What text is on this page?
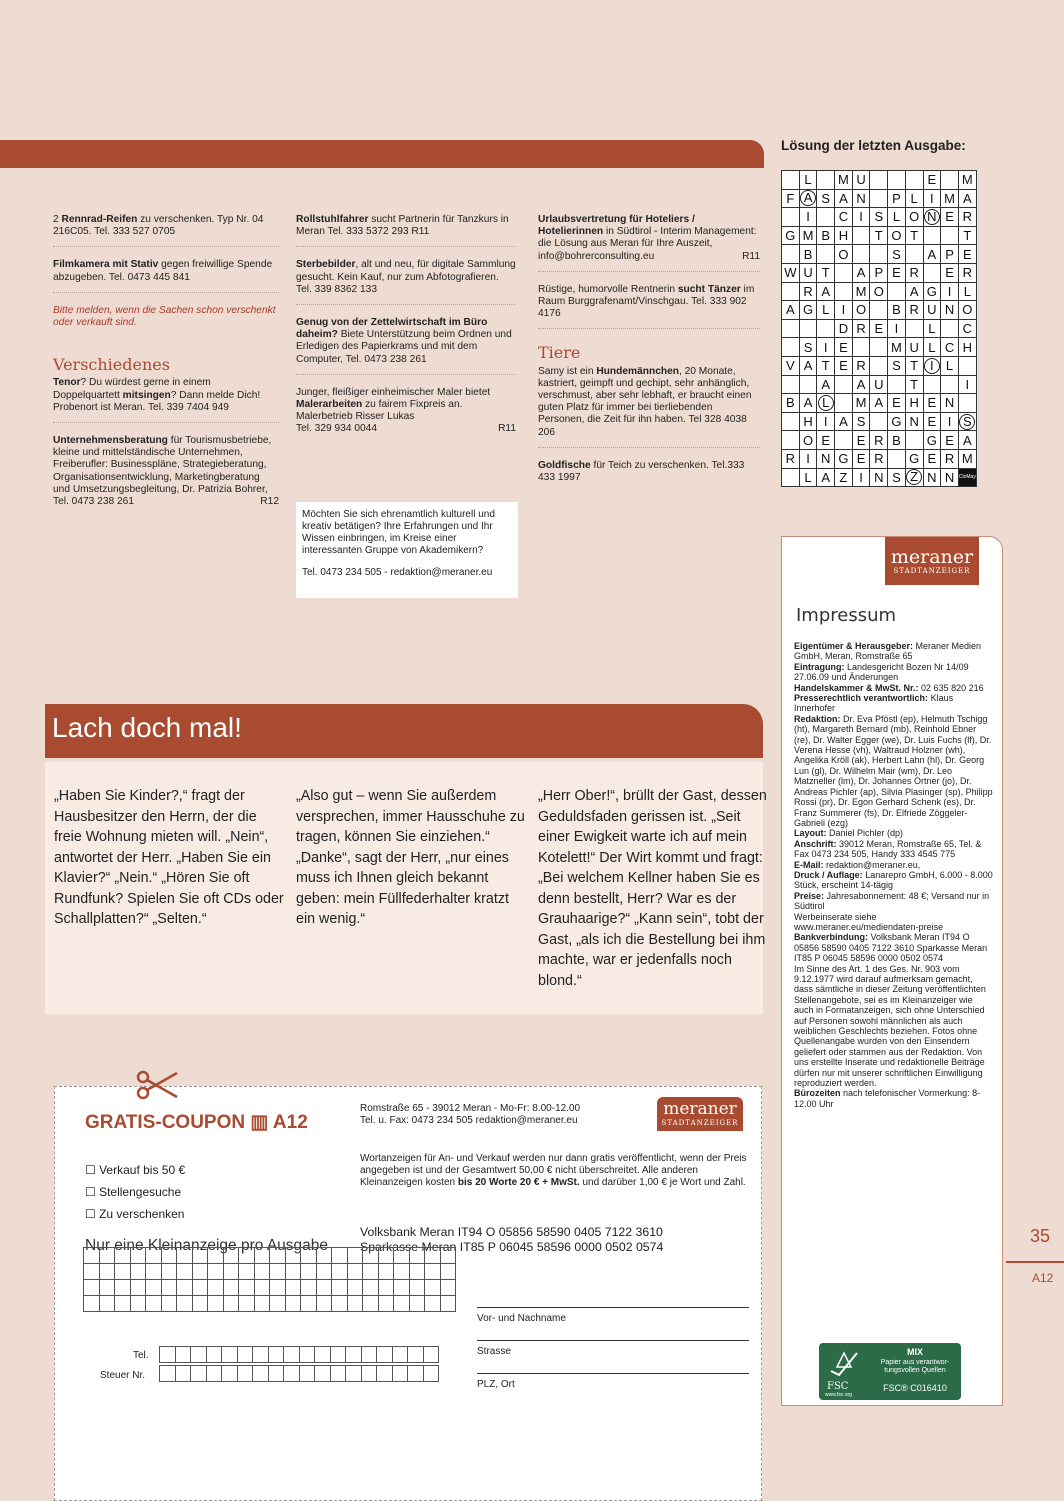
2 Rennrad-Reifen zu verschenken. Typ Nr. 04 216C05. Tel. 333 527 0705
Filmkamera mit Stativ gegen freiwillige Spende abzugeben. Tel. 0473 445 841
Bitte melden, wenn die Sachen schon verschenkt oder verkauft sind.
Verschiedenes
Tenor? Du würdest gerne in einem Doppelquartett mitsingen? Dann melde Dich! Probenort ist Meran. Tel. 339 7404 949
Unternehmensberatung für Tourismusbetriebe, kleine und mittelständische Unternehmen, Freiberufler: Businesspläne, Strategieberatung, Organisationsentwicklung, Marketingberatung und Umsetzungsbegleitung, Dr. Patrizia Bohrer, Tel. 0473 238 261	R12
Rollstuhlfahrer sucht Partnerin für Tanzkurs in Meran Tel. 333 5372 293 R11
Sterbebilder, alt und neu, für digitale Sammlung gesucht. Kein Kauf, nur zum Abfotografieren. Tel. 339 8362 133
Genug von der Zettelwirtschaft im Büro daheim? Biete Unterstützung beim Ordnen und Erledigen des Papierkrams und mit dem Computer, Tel. 0473 238 261
Junger, fleißiger einheimischer Maler bietet Malerarbeiten zu fairem Fixpreis an. Malerbetrieb Risser Lukas
Tel. 329 934 0044	R11
Möchten Sie sich ehrenamtlich kulturell und kreativ betätigen? Ihre Erfahrungen und Ihr Wissen einbringen, im Kreise einer interessanten Gruppe von Akademikern?
Tel. 0473 234 505 - redaktion@meraner.eu
Urlaubsvertretung für Hoteliers / Hotelierinnen in Südtirol - Interim Management: die Lösung aus Meran für Ihre Auszeit, info@bohrerconsulting.eu	R11
Rüstige, humorvolle Rentnerin sucht Tänzer im Raum Burggrafenamt/Vinschgau. Tel. 333 902 4176
Tiere
Samy ist ein Hundemännchen, 20 Monate, kastriert, geimpft und gechipt, sehr anhänglich, verschmust, aber sehr lebhaft, er braucht einen guten Platz für immer bei tierliebenden Personen, die Zeit für ihn haben. Tel 328 4038 206
Goldfische für Teich zu verschenken. Tel.333 433 1997
Lach doch mal!
„Haben Sie Kinder?,“ fragt der Hausbesitzer den Herrn, der die freie Wohnung mieten will. „Nein“, antwortet der Herr. „Haben Sie ein Klavier?“ „Nein.“ „Hören Sie oft Rundfunk? Spielen Sie oft CDs oder Schallplatten?“ „Selten.“
„Also gut – wenn Sie außerdem versprechen, immer Hausschuhe zu tragen, können Sie einziehen.“ „Danke“, sagt der Herr, „nur eines muss ich Ihnen gleich bekannt geben: mein Füllfederhalter kratzt ein wenig.“
„Herr Ober!“, brüllt der Gast, dessen Geduldsfaden gerissen ist. „Seit einer Ewigkeit warte ich auf mein Kotelett!“ Der Wirt kommt und fragt: „Bei welchem Kellner haben Sie es denn bestellt, Herr? War es der Grauhaarige?“ „Kann sein“, tobt der Gast, „als ich die Bestellung bei ihm machte, war er jedenfalls noch blond.“
GRATIS-COUPON ▥ A12
Romstraße 65 - 39012 Meran - Mo-Fr: 8.00-12.00
Tel. u. Fax: 0473 234 505 redaktion@meraner.eu
meraner
STADTANZEIGER
☐ Verkauf bis 50 €
☐ Stellengesuche
☐ Zu verschenken
Wortanzeigen für An- und Verkauf werden nur dann gratis veröffentlicht, wenn der Preis angegeben ist und der Gesamtwert 50,00 € nicht überschreitet. Alle anderen Kleinanzeigen kosten bis 20 Worte 20 € + MwSt. und darüber 1,00 € je Wort und Zahl.
Volksbank Meran IT94 O 05856 58590 0405 7122 3610
Sparkasse Meran IT85 P 06045 58596 0000 0502 0574
Nur eine Kleinanzeige pro Ausgabe

Tel.

Steuer Nr.

Vor- und Nachname
Strasse
PLZ, Ort
Lösung der letzten Ausgabe:
	L		M	U				E		M
F	A	S	A	N		P	L	I	M	A
	I		C	I	S	L	O	N	E	R
G	M	B	H		T	O	T			T
	B		O			S		A	P	E
W	U	T		A	P	E	R		E	R
	R	A		M	O		A	G	I	L
A	G	L	I	O		B	R	U	N	O
			D	R	E	I		L		C
	S	I	E			M	U	L	C	H
V	A	T	E	R		S	T	I	L	
		A		A	U		T			I
B	A	L		M	A	E	H	E	N	
	H	I	A	S		G	N	E	I	S
	O	E		E	R	B		G	E	A
R	I	N	G	E	R		G	E	R	M
	L	A	Z	I	N	S	Z	N	N	CloMay
meraner
STADTANZEIGER
Impressum
Eigentümer & Herausgeber: Meraner Medien GmbH, Meran, Romstraße 65
Eintragung: Landesgericht Bozen Nr 14/09 27.06.09 und Änderungen
Handelskammer & MwSt. Nr.: 02 635 820 216
Presserechtlich verantwortlich: Klaus Innerhofer
Redaktion: Dr. Eva Pföstl (ep), Helmuth Tschigg (ht), Margareth Bernard (mb), Reinhold Ebner (re), Dr. Walter Egger (we), Dr. Luis Fuchs (lf), Dr. Verena Hesse (vh), Waltraud Holzner (wh), Angelika Kröll (ak), Herbert Lahn (hl), Dr. Georg Lun (gl), Dr. Wilhelm Mair (wm), Dr. Leo Matzneller (lm), Dr. Johannes Ortner (jo), Dr. Andreas Pichler (ap), Silvia Plasinger (sp), Philipp Rossi (pr), Dr. Egon Gerhard Schenk (es), Dr. Franz Summerer (fs), Dr. Elfriede Zöggeler-Gabrieli (ezg)
Layout: Daniel Pichler (dp)
Anschrift: 39012 Meran, Romstraße 65, Tel. & Fax 0473 234 505, Handy 333 4545 775
E-Mail: redaktion@meraner.eu,
Druck / Auflage: Lanarepro GmbH, 6.000 - 8.000 Stück, erscheint 14-tägig
Preise: Jahresabonnement: 48 €; Versand nur in Südtirol
Werbeinserate siehe www.meraner.eu/mediendaten-preise
Bankverbindung: Volksbank Meran IT94 O 05856 58590 0405 7122 3610 Sparkasse Meran IT85 P 06045 58596 0000 0502 0574
Im Sinne des Art. 1 des Ges. Nr. 903 vom 9.12.1977 wird darauf aufmerksam gemacht, dass sämtliche in dieser Zeitung veröffentlichten Stellenangebote, sei es im Kleinanzeiger wie auch in Formatanzeigen, sich ohne Unterschied auf Personen sowohl männlichen als auch weiblichen Geschlechts beziehen. Fotos ohne Quellenangabe wurden von den Einsendern geliefert oder stammen aus der Redaktion. Von uns erstellte Inserate und redaktionelle Beiträge dürfen nur mit unserer schriftlichen Einwilligung reproduziert werden.
Bürozeiten nach telefonischer Vormerkung: 8-12.00 Uhr
FSC
www.fsc.org
MIX
Papier aus verantwor-
tungsvollen Quellen
FSC® C016410
35
A12
